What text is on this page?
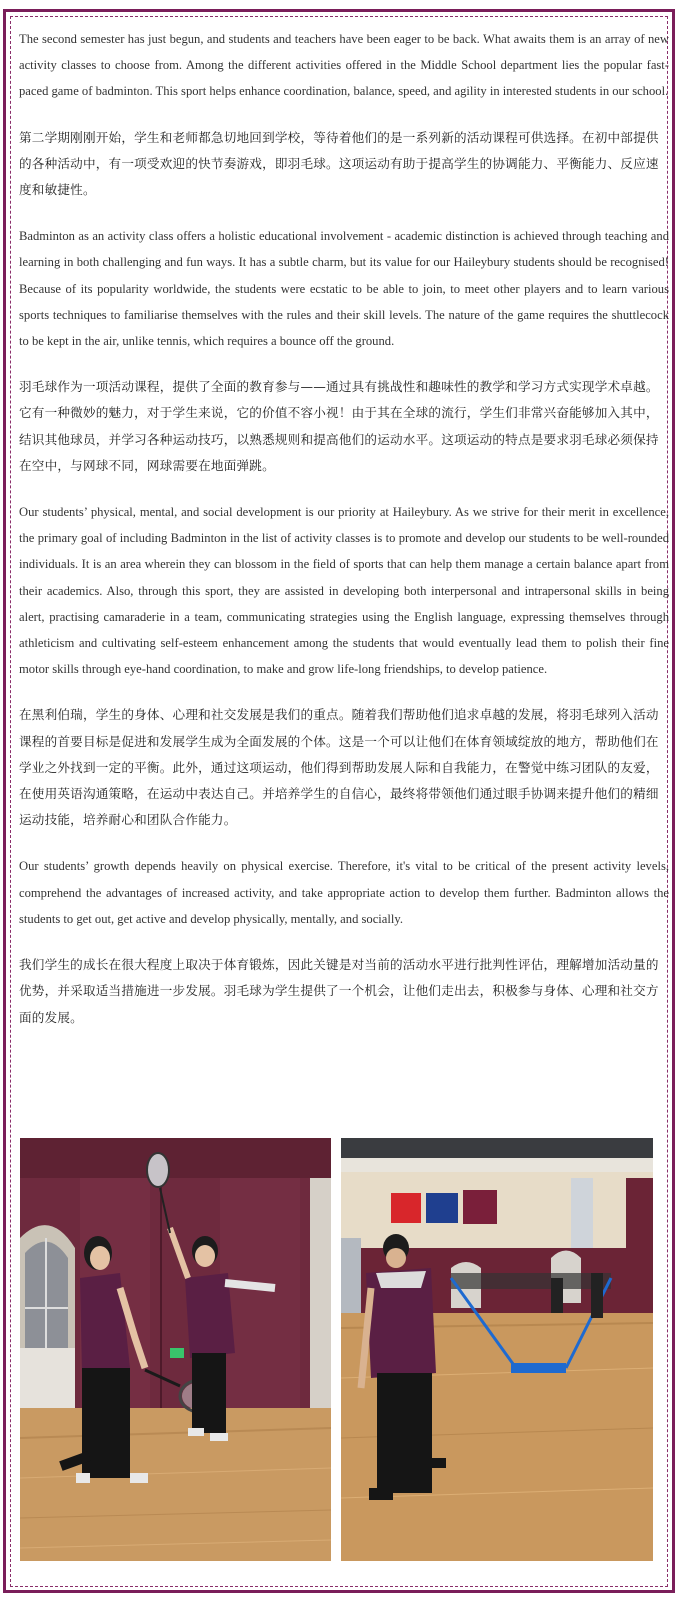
The second semester has just begun, and students and teachers have been eager to be back. What awaits them is an array of new activity classes to choose from. Among the different activities offered in the Middle School department lies the popular fast-paced game of badminton. This sport helps enhance coordination, balance, speed, and agility in interested students in our school.

第二学期刚刚开始，学生和老师都急切地回到学校，等待着他们的是一系列新的活动课程可供选择。在初中部提供的各种活动中，有一项受欢迎的快节奏游戏，即羽毛球。这项运动有助于提高学生的协调能力、平衡能力、反应速度和敏捷性。

Badminton as an activity class offers a holistic educational involvement - academic distinction is achieved through teaching and learning in both challenging and fun ways. It has a subtle charm, but its value for our Haileybury students should be recognised! Because of its popularity worldwide, the students were ecstatic to be able to join, to meet other players and to learn various sports techniques to familiarise themselves with the rules and their skill levels. The nature of the game requires the shuttlecock to be kept in the air, unlike tennis, which requires a bounce off the ground.

羽毛球作为一项活动课程，提供了全面的教育参与——通过具有挑战性和趣味性的教学和学习方式实现学术卓越。它有一种微妙的魅力，对于学生来说，它的价值不容小视！由于其在全球的流行，学生们非常兴奋能够加入其中，结识其他球员，并学习各种运动技巧，以熟悉规则和提高他们的运动水平。这项运动的特点是要求羽毛球必须保持在空中，与网球不同，网球需要在地面弹跳。

Our students’ physical, mental, and social development is our priority at Haileybury. As we strive for their merit in excellence, the primary goal of including Badminton in the list of activity classes is to promote and develop our students to be well-rounded individuals. It is an area wherein they can blossom in the field of sports that can help them manage a certain balance apart from their academics. Also, through this sport, they are assisted in developing both interpersonal and intrapersonal skills in being alert, practising camaraderie in a team, communicating strategies using the English language, expressing themselves through athleticism and cultivating self-esteem enhancement among the students that would eventually lead them to polish their fine motor skills through eye-hand coordination, to make and grow life-long friendships, to develop patience.

在黑利伯瑞，学生的身体、心理和社交发展是我们的重点。随着我们帮助他们追求卓越的发展，将羽毛球列入活动课程的首要目标是促进和发展学生成为全面发展的个体。这是一个可以让他们在体育领域绽放的地方，帮助他们在学业之外找到一定的平衡。此外，通过这项运动，他们得到帮助发展人际和自我能力，在警觉中练习团队的友爱，在使用英语沟通策略，在运动中表达自己。并培养学生的自信心，最终将带领他们通过眼手协调来提升他们的精细运动技能，培养耐心和团队合作能力。

Our students’ growth depends heavily on physical exercise. Therefore, it's vital to be critical of the present activity levels, comprehend the advantages of increased activity, and take appropriate action to develop them further. Badminton allows the students to get out, get active and develop physically, mentally, and socially.

我们学生的成长在很大程度上取决于体育锻炼，因此关键是对当前的活动水平进行批判性评估，理解增加活动量的优势，并采取适当措施进一步发展。羽毛球为学生提供了一个机会，让他们走出去，积极参与身体、心理和社交方面的发展。
